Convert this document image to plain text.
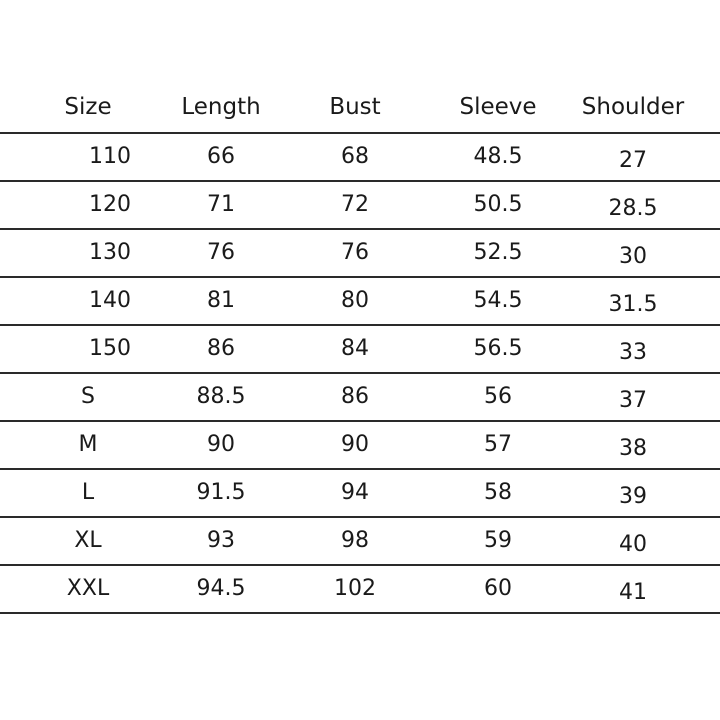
Size	Length	Bust	Sleeve	Shoulder
110	66	68	48.5	27
120	71	72	50.5	28.5
130	76	76	52.5	30
140	81	80	54.5	31.5
150	86	84	56.5	33
S	88.5	86	56	37
M	90	90	57	38
L	91.5	94	58	39
XL	93	98	59	40
XXL	94.5	102	60	41
